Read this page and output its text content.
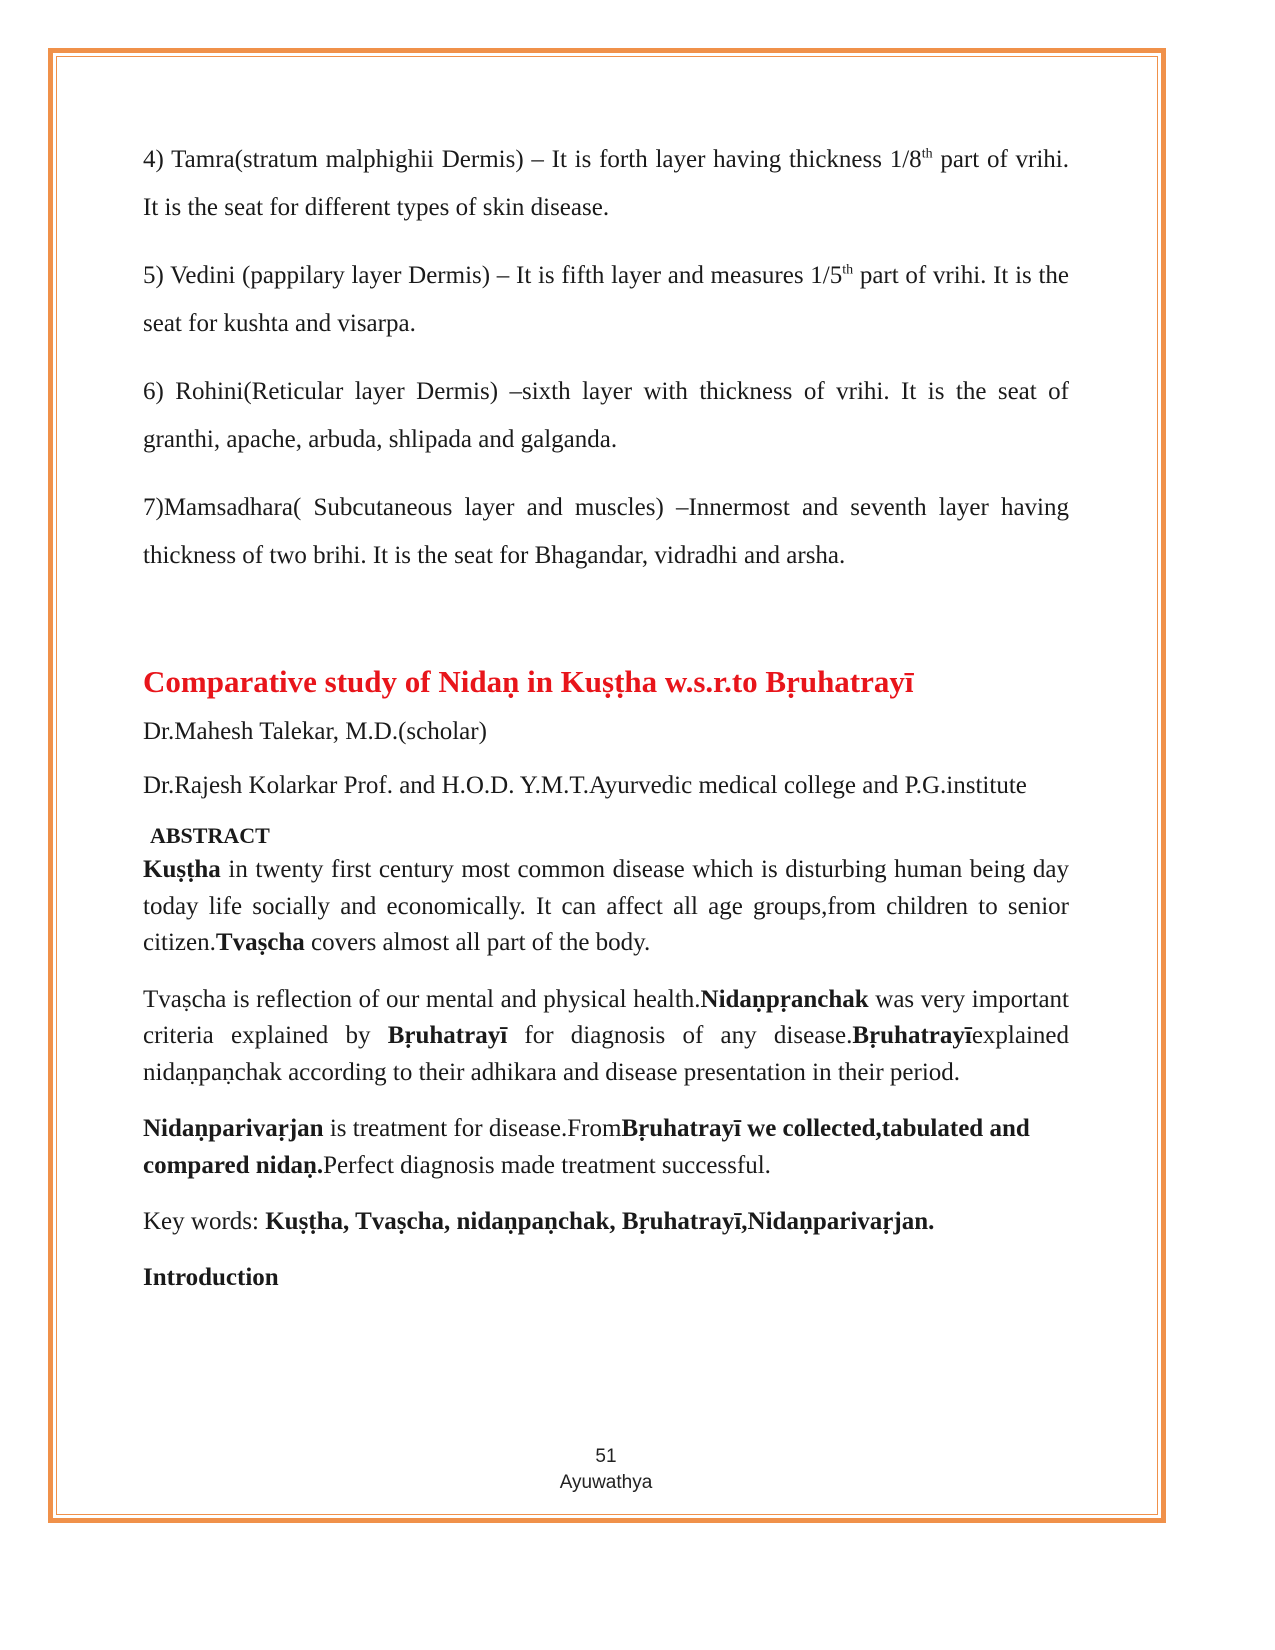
4) Tamra(stratum malphighii Dermis) – It is forth layer having thickness 1/8th part of vrihi. It is the seat for different types of skin disease.

5) Vedini (pappilary layer Dermis) – It is fifth layer and measures 1/5th part of vrihi. It is the seat for kushta and visarpa.

6) Rohini(Reticular layer Dermis) –sixth layer with thickness of vrihi. It is the seat of granthi, apache, arbuda, shlipada and galganda.

7)Mamsadhara( Subcutaneous layer and muscles) –Innermost and seventh layer having thickness of two brihi. It is the seat for Bhagandar, vidradhi and arsha.

Comparative study of Nidaṇ in Kuṣṭha w.s.r.to Bṛuhatrayī

Dr.Mahesh Talekar, M.D.(scholar)

Dr.Rajesh Kolarkar Prof. and H.O.D. Y.M.T.Ayurvedic medical college and P.G.institute

ABSTRACT

Kuṣṭha in twenty first century most common disease which is disturbing human being day today life socially and economically. It can affect all age groups,from children to senior citizen.Tvaṣcha covers almost all part of the body.

Tvaṣcha is reflection of our mental and physical health.Nidaṇpṛanchak was very important criteria explained by Bṛuhatrayī for diagnosis of any disease.Bṛuhatrayīexplained nidaṇpaṇchak according to their adhikara and disease presentation in their period.

Nidaṇparivaṛjan is treatment for disease.FromBṛuhatrayī we collected,tabulated and compared nidaṇ.Perfect diagnosis made treatment successful.

Key words: Kuṣṭha, Tvaṣcha, nidaṇpaṇchak, Bṛuhatrayī,Nidaṇparivaṛjan.

Introduction
51
Ayuwathya
